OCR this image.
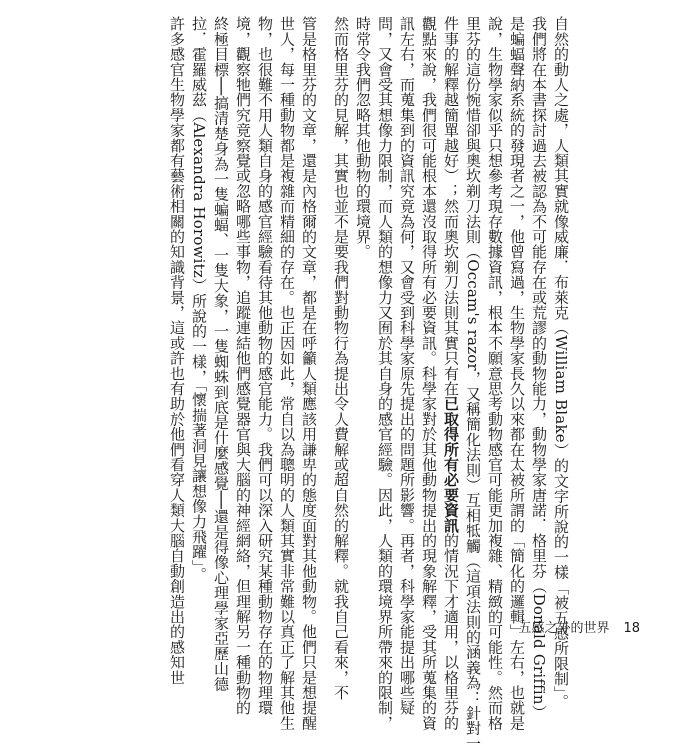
自然的動人之處，人類其實就像威廉．布萊克（William Blake）的文字所說的一樣「被五感所限制」。

我們將在本書探討過去被認為不可能存在或荒謬的動物能力，動物學家唐諾．格里芬（Donald Griffin）

是蝙蝠聲納系統的發現者之一，他曾寫過，生物學家長久以來都在太被所謂的「簡化的邏輯」左右，也就是

說，生物學家似乎只想參考現存數據資訊，根本不願意思考動物感官可能更加複雜、精緻的可能性。然而格

里芬的這份惋惜卻與奧坎剃刀法則（Occam's razor，又稱簡化法則）互相牴觸（這項法則的涵義為：針對一

件事的解釋越簡單越好）；然而奧坎剃刀法則其實只有在已取得所有必要資訊的情況下才適用，以格里芬的

觀點來說，我們很可能根本還沒取得所有必要資訊。科學家對於其他動物提出的現象解釋，受其所蒐集的資

訊左右，而蒐集到的資訊究竟為何，又會受到科學家原先提出的問題所影響。再者，科學家能提出哪些疑

問，又會受其想像力限制，而人類的想像力又囿於其自身的感官經驗。因此，人類的環境界所帶來的限制，

時常令我們忽略其他動物的環境界。

然而格里芬的見解，其實也並不是要我們對動物行為提出令人費解或超自然的解釋。就我自己看來，不

管是格里芬的文章，還是內格爾的文章，都是在呼籲人類應該用謙卑的態度面對其他動物。他們只是想提醒

世人，每一種動物都是複雜而精細的存在。也正因如此，常自以為聰明的人類其實非常難以真正了解其他生

物，也很難不用人類自身的感官經驗看待其他動物的感官能力。我們可以深入研究某種動物存在的物理環

境，觀察牠們究竟察覺或忽略哪些事物，追蹤連結他們感覺器官與大腦的神經網絡，但理解另一種動物的

終極目標──搞清楚身為一隻蝙蝠、一隻大象，一隻蜘蛛到底是什麼感覺──還是得像心理學家亞歷山德

拉．霍羅威茲（Alexandra Horowitz）所說的一樣，「懷揣著洞見讓想像力飛躍」。

許多感官生物學家都有藝術相關的知識背景，這或許也有助於他們看穿人類大腦自動創造出的感知世	五感之外的世界 18
